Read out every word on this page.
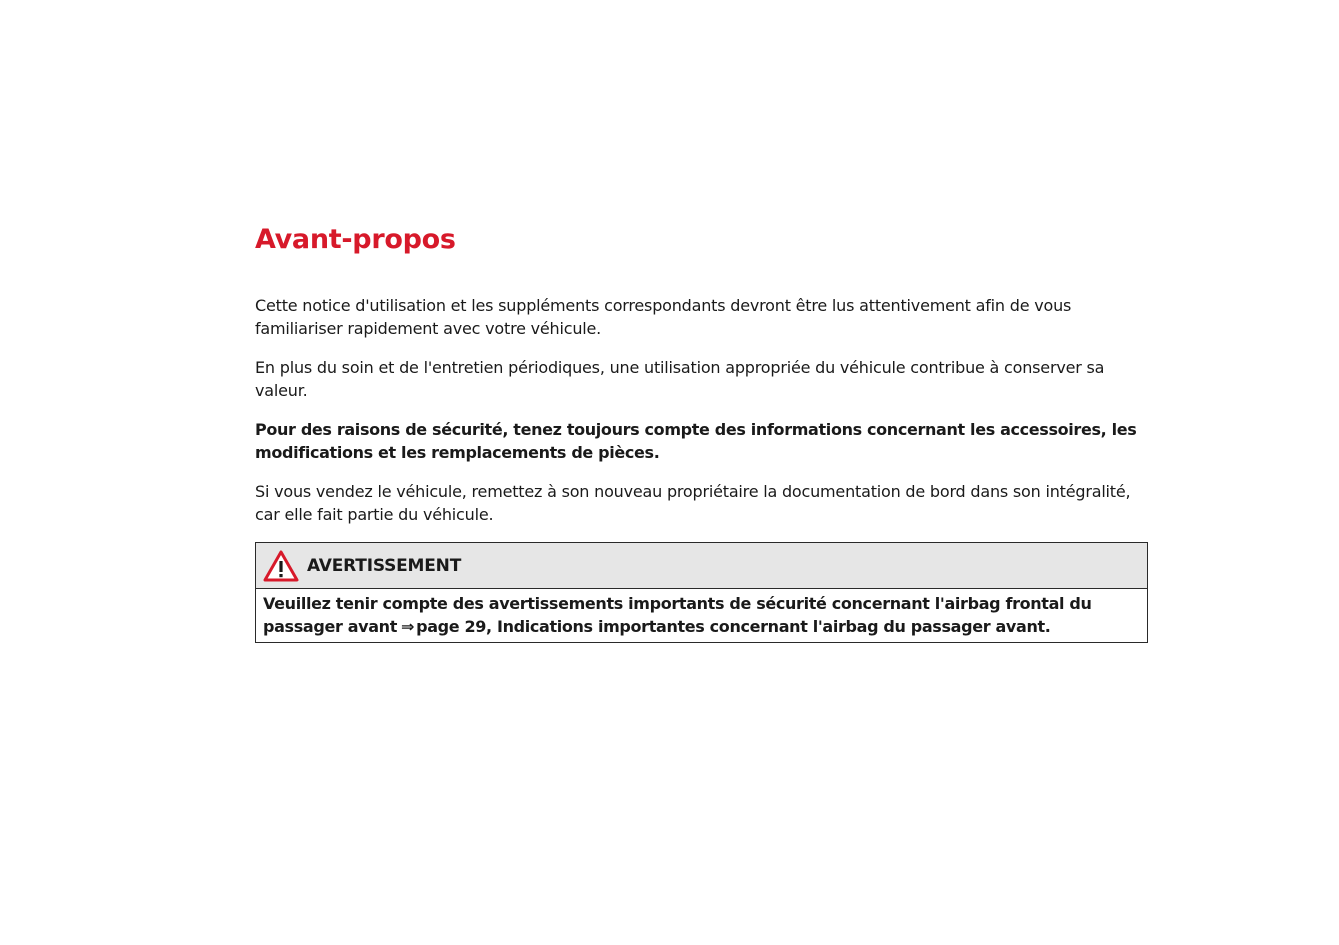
Avant-propos

Cette notice d'utilisation et les suppléments correspondants devront être lus attentivement afin de vous familiariser rapidement avec votre véhicule.

En plus du soin et de l'entretien périodiques, une utilisation appropriée du véhicule contribue à conserver sa valeur.

Pour des raisons de sécurité, tenez toujours compte des informations concernant les accessoires, les modifications et les remplacements de pièces.

Si vous vendez le véhicule, remettez à son nouveau propriétaire la documentation de bord dans son intégralité, car elle fait partie du véhicule.

AVERTISSEMENT
Veuillez tenir compte des avertissements importants de sécurité concernant l'airbag frontal du passager avant ⇒ page 29, Indications importantes concernant l'airbag du passager avant.
